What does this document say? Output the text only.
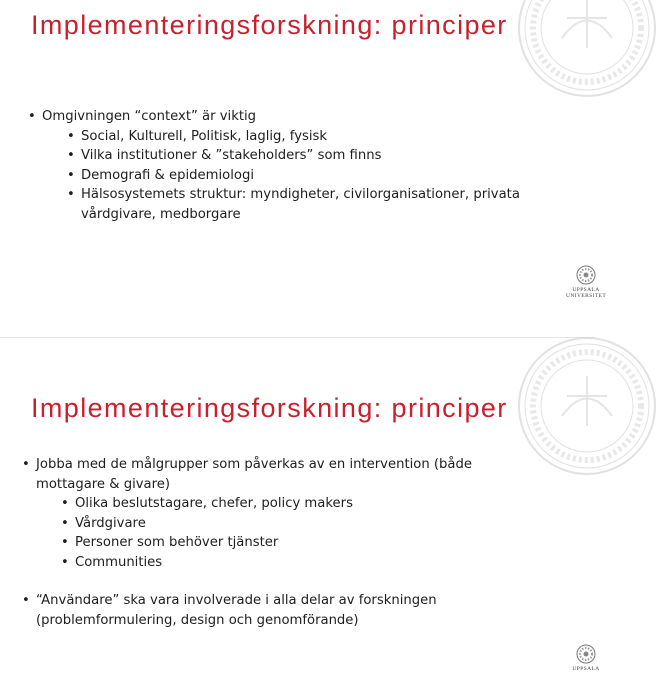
Implementeringsforskning: principer
• Omgivningen “context” är viktig
• Social, Kulturell, Politisk, laglig, fysisk
• Vilka institutioner & ”stakeholders” som finns
• Demografi & epidemiologi
• Hälsosystemets struktur: myndigheter, civilorganisationer, privata vårdgivare, medborgare
UPPSALA UNIVERSITET
Implementeringsforskning: principer
• Jobba med de målgrupper som påverkas av en intervention (både mottagare & givare)
• Olika beslutstagare, chefer, policy makers
• Vårdgivare
• Personer som behöver tjänster
• Communities
• “Användare” ska vara involverade i alla delar av forskningen (problemformulering, design och genomförande)
UPPSALA
